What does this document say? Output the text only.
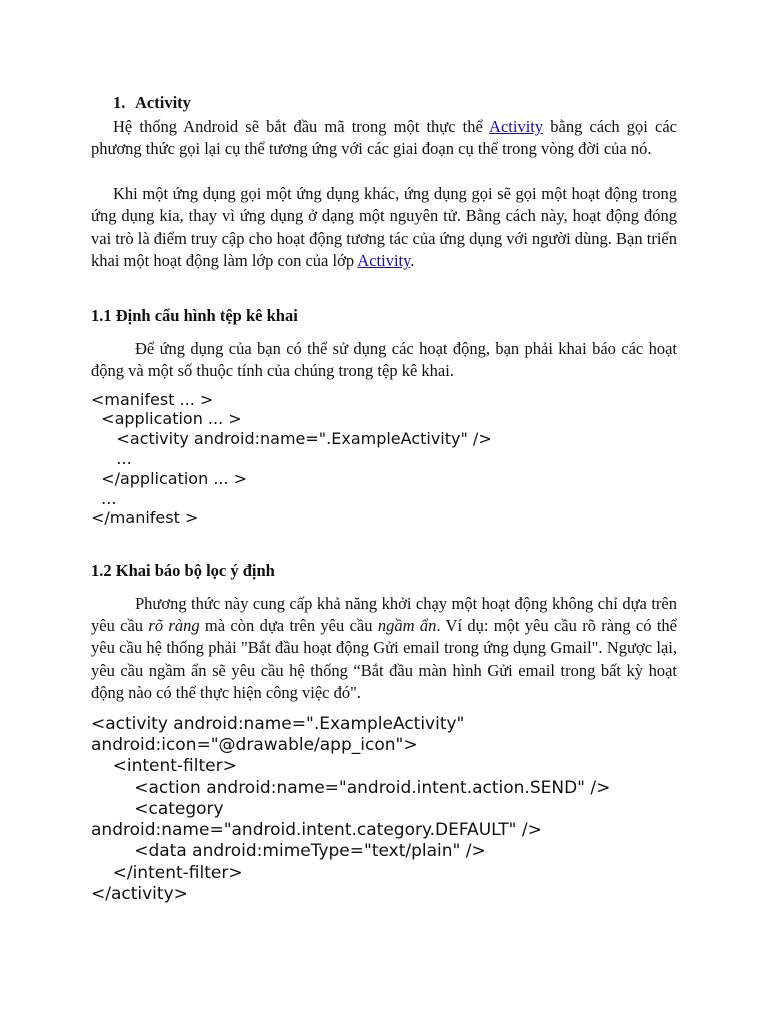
1. Activity

Hệ thống Android sẽ bắt đầu mã trong một thực thể Activity bằng cách gọi các phương thức gọi lại cụ thể tương ứng với các giai đoạn cụ thể trong vòng đời của nó.

Khi một ứng dụng gọi một ứng dụng khác, ứng dụng gọi sẽ gọi một hoạt động trong ứng dụng kia, thay vì ứng dụng ở dạng một nguyên tử. Bằng cách này, hoạt động đóng vai trò là điểm truy cập cho hoạt động tương tác của ứng dụng với người dùng. Bạn triển khai một hoạt động làm lớp con của lớp Activity.

1.1 Định cấu hình tệp kê khai

Để ứng dụng của bạn có thể sử dụng các hoạt động, bạn phải khai báo các hoạt động và một số thuộc tính của chúng trong tệp kê khai.

<manifest ... >
<application ... >
<activity android:name=".ExampleActivity" />
...
</application ... >
...
</manifest >
1.2 Khai báo bộ lọc ý định

Phương thức này cung cấp khả năng khởi chạy một hoạt động không chỉ dựa trên yêu cầu rõ ràng mà còn dựa trên yêu cầu ngầm ẩn. Ví dụ: một yêu cầu rõ ràng có thể yêu cầu hệ thống phải "Bắt đầu hoạt động Gửi email trong ứng dụng Gmail". Ngược lại, yêu cầu ngầm ẩn sẽ yêu cầu hệ thống “Bắt đầu màn hình Gửi email trong bất kỳ hoạt động nào có thể thực hiện công việc đó".

<activity android:name=".ExampleActivity"
android:icon="@drawable/app_icon">
<intent-filter>
<action android:name="android.intent.action.SEND" />
<category
android:name="android.intent.category.DEFAULT" />
<data android:mimeType="text/plain" />
</intent-filter>
</activity>
